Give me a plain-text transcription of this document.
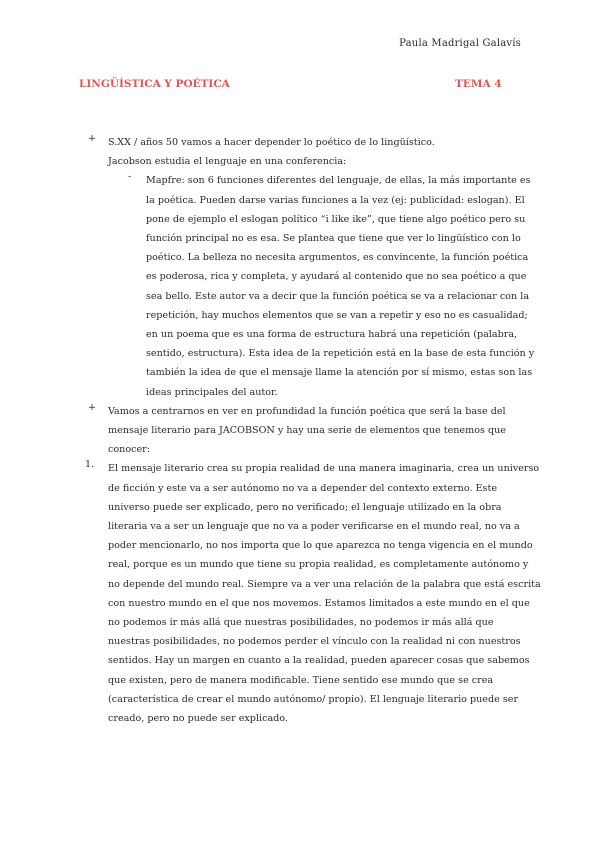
Paula Madrigal Galavís
LINGÜÍSTICA Y POÉTICA	TEMA 4
+ S.XX / años 50 vamos a hacer depender lo poético de lo lingüístico.
Jacobson estudia el lenguaje en una conferencia:
- Mapfre: son 6 funciones diferentes del lenguaje, de ellas, la más importante es
la poética. Pueden darse varias funciones a la vez (ej: publicidad: eslogan). El
pone de ejemplo el eslogan político “i like ike”, que tiene algo poético pero su
función principal no es esa. Se plantea que tiene que ver lo lingüístico con lo
poético. La belleza no necesita argumentos, es convincente, la función poética
es poderosa, rica y completa, y ayudará al contenido que no sea poético a que
sea bello. Este autor va a decir que la función poética se va a relacionar con la
repetición, hay muchos elementos que se van a repetir y eso no es casualidad;
en un poema que es una forma de estructura habrá una repetición (palabra,
sentido, estructura). Esta idea de la repetición está en la base de esta función y
también la idea de que el mensaje llame la atención por sí mismo, estas son las
ideas principales del autor.
+ Vamos a centrarnos en ver en profundidad la función poética que será la base del
mensaje literario para JACOBSON y hay una serie de elementos que tenemos que
conocer:
1. El mensaje literario crea su propia realidad de una manera imaginaria, crea un universo
de ficción y este va a ser autónomo no va a depender del contexto externo. Este
universo puede ser explicado, pero no verificado; el lenguaje utilizado en la obra
literaria va a ser un lenguaje que no va a poder verificarse en el mundo real, no va a
poder mencionarlo, no nos importa que lo que aparezca no tenga vigencia en el mundo
real, porque es un mundo que tiene su propia realidad, es completamente autónomo y
no depende del mundo real. Siempre va a ver una relación de la palabra que está escrita
con nuestro mundo en el que nos movemos. Estamos limitados a este mundo en el que
no podemos ir más allá que nuestras posibilidades, no podemos ir más allá que
nuestras posibilidades, no podemos perder el vínculo con la realidad ni con nuestros
sentidos. Hay un margen en cuanto a la realidad, pueden aparecer cosas que sabemos
que existen, pero de manera modificable. Tiene sentido ese mundo que se crea
(característica de crear el mundo autónomo/ propio). El lenguaje literario puede ser
creado, pero no puede ser explicado.
